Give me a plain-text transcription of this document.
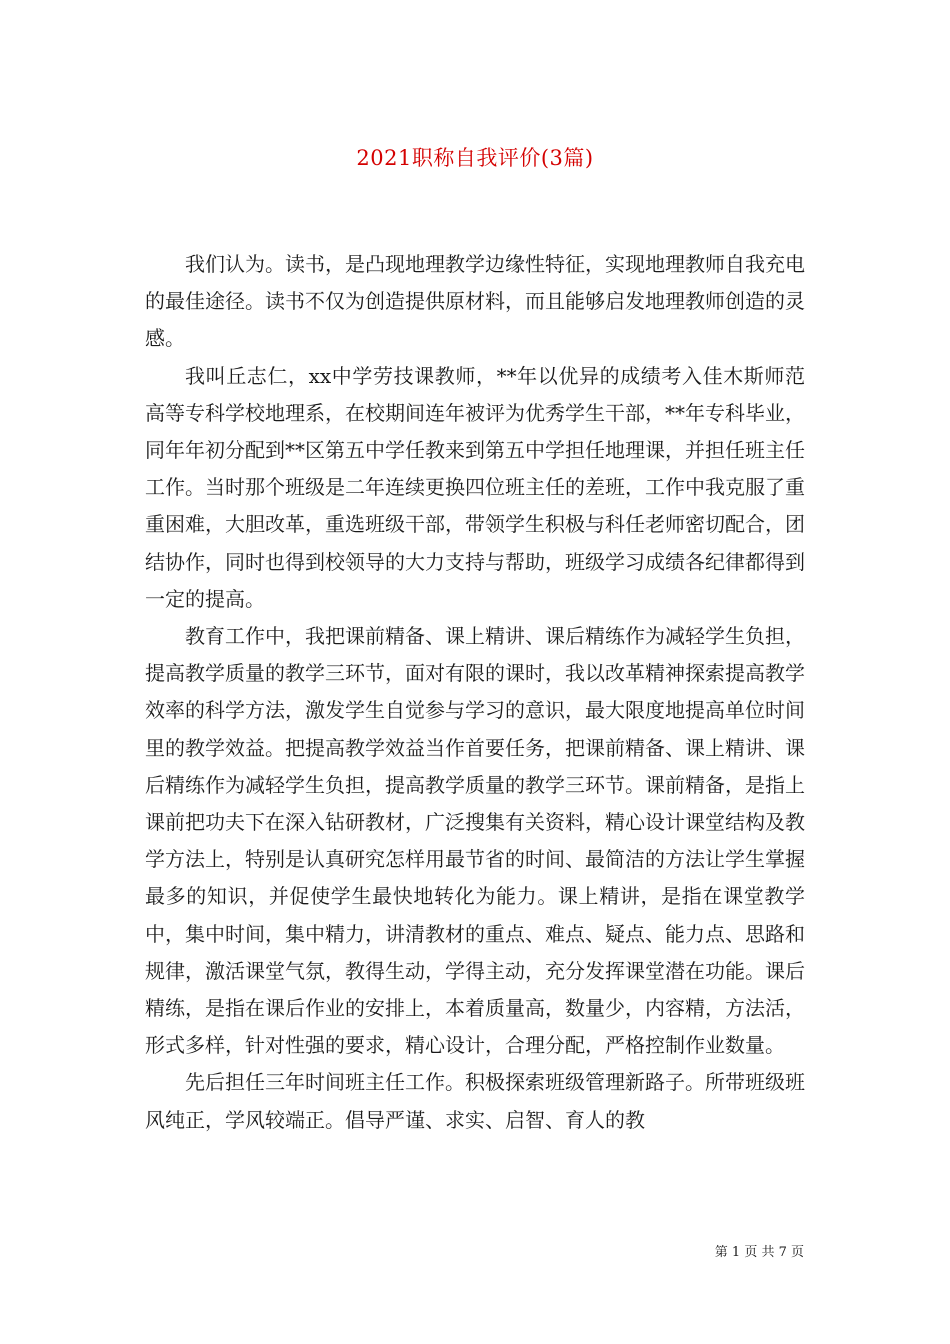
2021职称自我评价(3篇)

我们认为。读书，是凸现地理教学边缘性特征，实现地理教师自我充电的最佳途径。读书不仅为创造提供原材料，而且能够启发地理教师创造的灵感。

我叫丘志仁，xx中学劳技课教师，**年以优异的成绩考入佳木斯师范高等专科学校地理系，在校期间连年被评为优秀学生干部，**年专科毕业，同年年初分配到**区第五中学任教来到第五中学担任地理课，并担任班主任工作。当时那个班级是二年连续更换四位班主任的差班，工作中我克服了重重困难，大胆改革，重选班级干部，带领学生积极与科任老师密切配合，团结协作，同时也得到校领导的大力支持与帮助，班级学习成绩各纪律都得到一定的提高。

教育工作中，我把课前精备、课上精讲、课后精练作为减轻学生负担，提高教学质量的教学三环节，面对有限的课时，我以改革精神探索提高教学效率的科学方法，激发学生自觉参与学习的意识，最大限度地提高单位时间里的教学效益。把提高教学效益当作首要任务，把课前精备、课上精讲、课后精练作为减轻学生负担，提高教学质量的教学三环节。课前精备，是指上课前把功夫下在深入钻研教材，广泛搜集有关资料，精心设计课堂结构及教学方法上，特别是认真研究怎样用最节省的时间、最简洁的方法让学生掌握最多的知识，并促使学生最快地转化为能力。课上精讲，是指在课堂教学中，集中时间，集中精力，讲清教材的重点、难点、疑点、能力点、思路和规律，激活课堂气氛，教得生动，学得主动，充分发挥课堂潜在功能。课后精练，是指在课后作业的安排上，本着质量高，数量少，内容精，方法活，形式多样，针对性强的要求，精心设计，合理分配，严格控制作业数量。

先后担任三年时间班主任工作。积极探索班级管理新路子。所带班级班风纯正，学风较端正。倡导严谨、求实、启智、育人的教

第 1 页 共 7 页
